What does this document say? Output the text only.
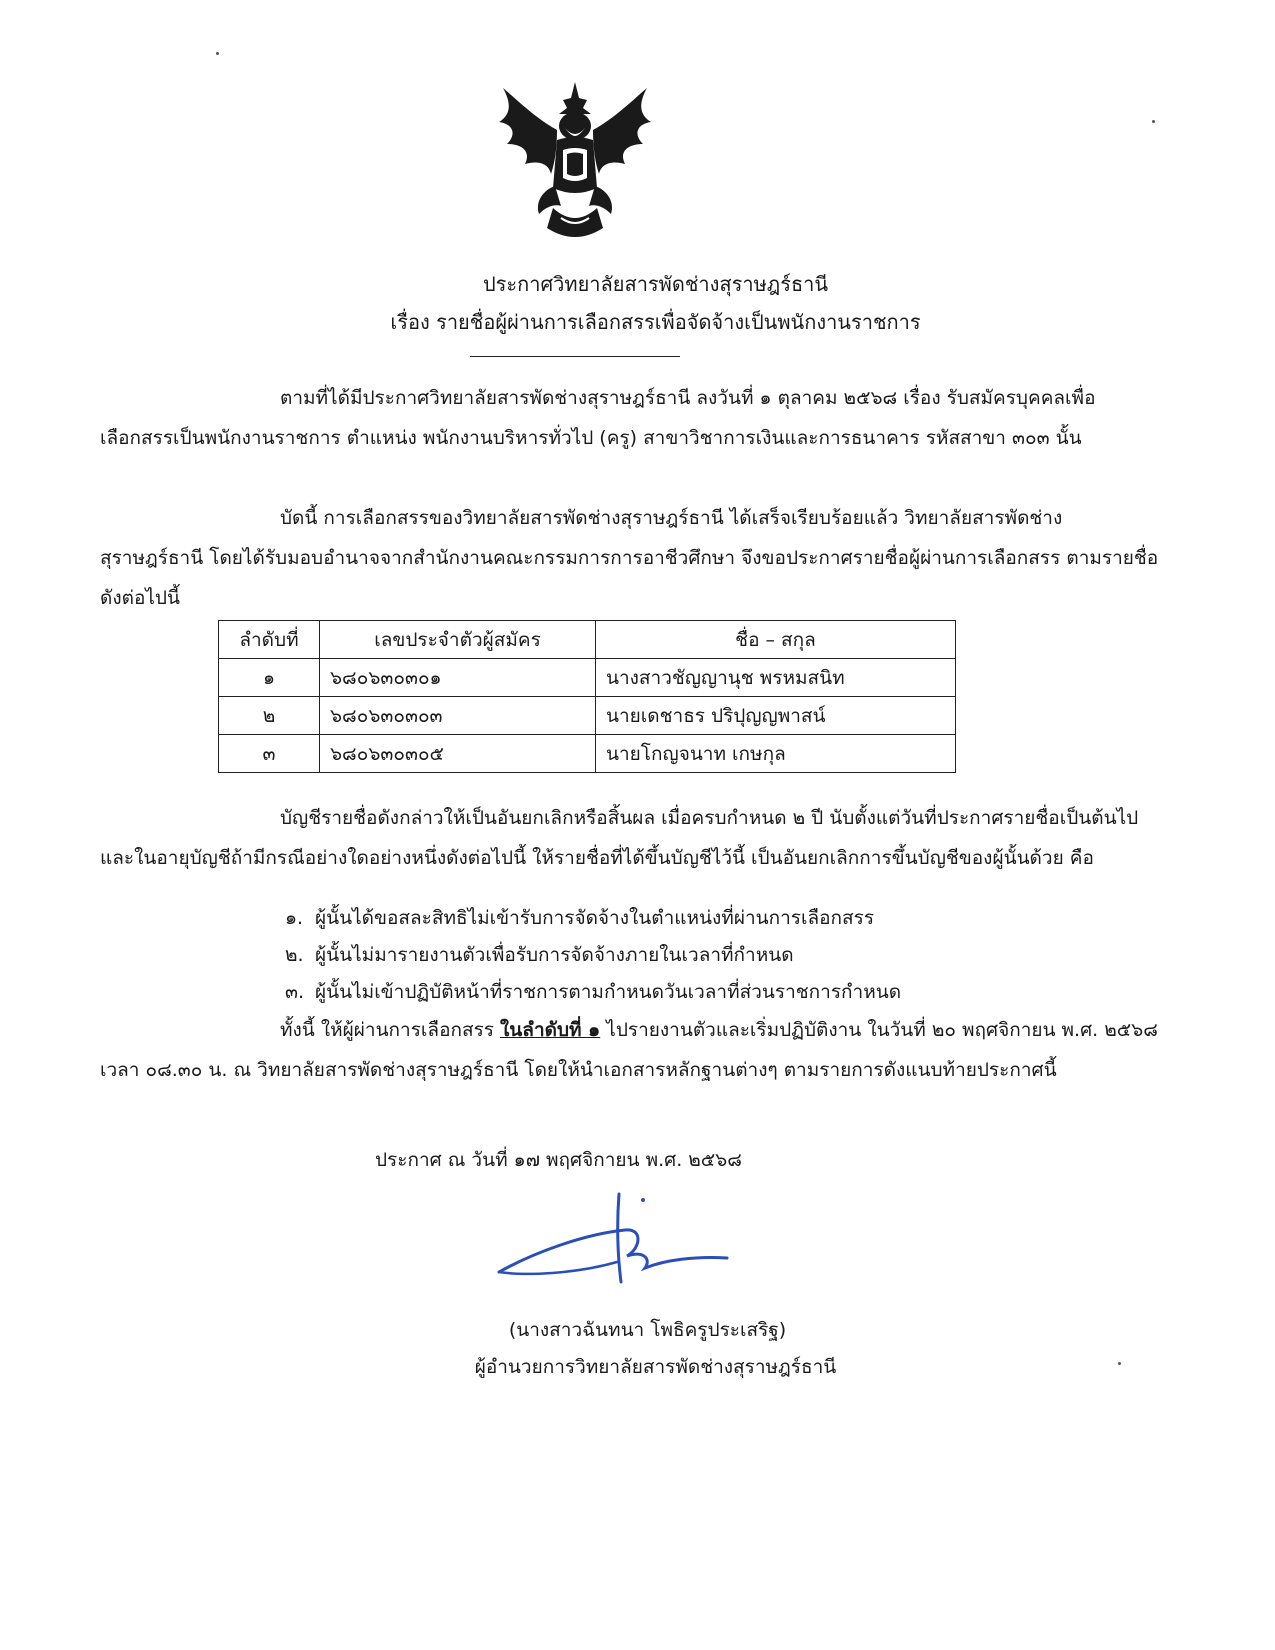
ประกาศวิทยาลัยสารพัดช่างสุราษฎร์ธานี
เรื่อง รายชื่อผู้ผ่านการเลือกสรรเพื่อจัดจ้างเป็นพนักงานราชการ

ตามที่ได้มีประกาศวิทยาลัยสารพัดช่างสุราษฎร์ธานี ลงวันที่ ๑ ตุลาคม ๒๕๖๘ เรื่อง รับสมัครบุคคลเพื่อเลือกสรรเป็นพนักงานราชการ ตำแหน่ง พนักงานบริหารทั่วไป (ครู) สาขาวิชาการเงินและการธนาคาร รหัสสาขา ๓๐๓ นั้น

บัดนี้ การเลือกสรรของวิทยาลัยสารพัดช่างสุราษฎร์ธานี ได้เสร็จเรียบร้อยแล้ว วิทยาลัยสารพัดช่างสุราษฎร์ธานี โดยได้รับมอบอำนาจจากสำนักงานคณะกรรมการการอาชีวศึกษา จึงขอประกาศรายชื่อผู้ผ่านการเลือกสรร ตามรายชื่อดังต่อไปนี้

ลำดับที่	เลขประจำตัวผู้สมัคร	ชื่อ – สกุล
๑	๖๘๐๖๓๐๓๐๑	นางสาวชัญญานุช พรหมสนิท
๒	๖๘๐๖๓๐๓๐๓	นายเดชาธร ปริปุญญพาสน์
๓	๖๘๐๖๓๐๓๐๕	นายโกญจนาท เกษกุล

บัญชีรายชื่อดังกล่าวให้เป็นอันยกเลิกหรือสิ้นผล เมื่อครบกำหนด ๒ ปี นับตั้งแต่วันที่ประกาศรายชื่อเป็นต้นไป และในอายุบัญชีถ้ามีกรณีอย่างใดอย่างหนึ่งดังต่อไปนี้ ให้รายชื่อที่ได้ขึ้นบัญชีไว้นี้ เป็นอันยกเลิกการขึ้นบัญชีของผู้นั้นด้วย คือ

๑. ผู้นั้นได้ขอสละสิทธิไม่เข้ารับการจัดจ้างในตำแหน่งที่ผ่านการเลือกสรร
๒. ผู้นั้นไม่มารายงานตัวเพื่อรับการจัดจ้างภายในเวลาที่กำหนด
๓. ผู้นั้นไม่เข้าปฏิบัติหน้าที่ราชการตามกำหนดวันเวลาที่ส่วนราชการกำหนด

ทั้งนี้ ให้ผู้ผ่านการเลือกสรร ในลำดับที่ ๑ ไปรายงานตัวและเริ่มปฏิบัติงาน ในวันที่ ๒๐ พฤศจิกายน พ.ศ. ๒๕๖๘ เวลา ๐๘.๓๐ น. ณ วิทยาลัยสารพัดช่างสุราษฎร์ธานี โดยให้นำเอกสารหลักฐานต่างๆ ตามรายการดังแนบท้ายประกาศนี้

ประกาศ ณ วันที่ ๑๗ พฤศจิกายน พ.ศ. ๒๕๖๘
(นางสาวฉันทนา โพธิครูประเสริฐ)
ผู้อำนวยการวิทยาลัยสารพัดช่างสุราษฎร์ธานี
